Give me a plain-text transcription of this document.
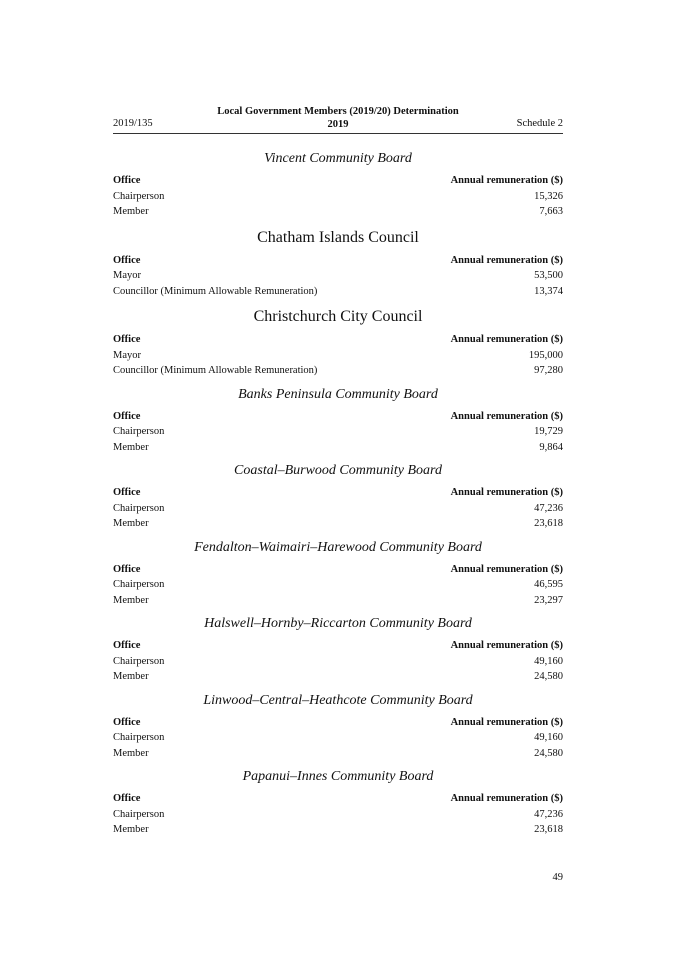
2019/135
Local Government Members (2019/20) Determination
2019	Schedule 2
Vincent Community Board
Office	Annual remuneration ($)
Chairperson	15,326
Member	7,663
Chatham Islands Council
Office	Annual remuneration ($)
Mayor	53,500
Councillor (Minimum Allowable Remuneration)	13,374
Christchurch City Council
Office	Annual remuneration ($)
Mayor	195,000
Councillor (Minimum Allowable Remuneration)	97,280
Banks Peninsula Community Board
Office	Annual remuneration ($)
Chairperson	19,729
Member	9,864
Coastal–Burwood Community Board
Office	Annual remuneration ($)
Chairperson	47,236
Member	23,618
Fendalton–Waimairi–Harewood Community Board
Office	Annual remuneration ($)
Chairperson	46,595
Member	23,297
Halswell–Hornby–Riccarton Community Board
Office	Annual remuneration ($)
Chairperson	49,160
Member	24,580
Linwood–Central–Heathcote Community Board
Office	Annual remuneration ($)
Chairperson	49,160
Member	24,580
Papanui–Innes Community Board
Office	Annual remuneration ($)
Chairperson	47,236
Member	23,618
49
